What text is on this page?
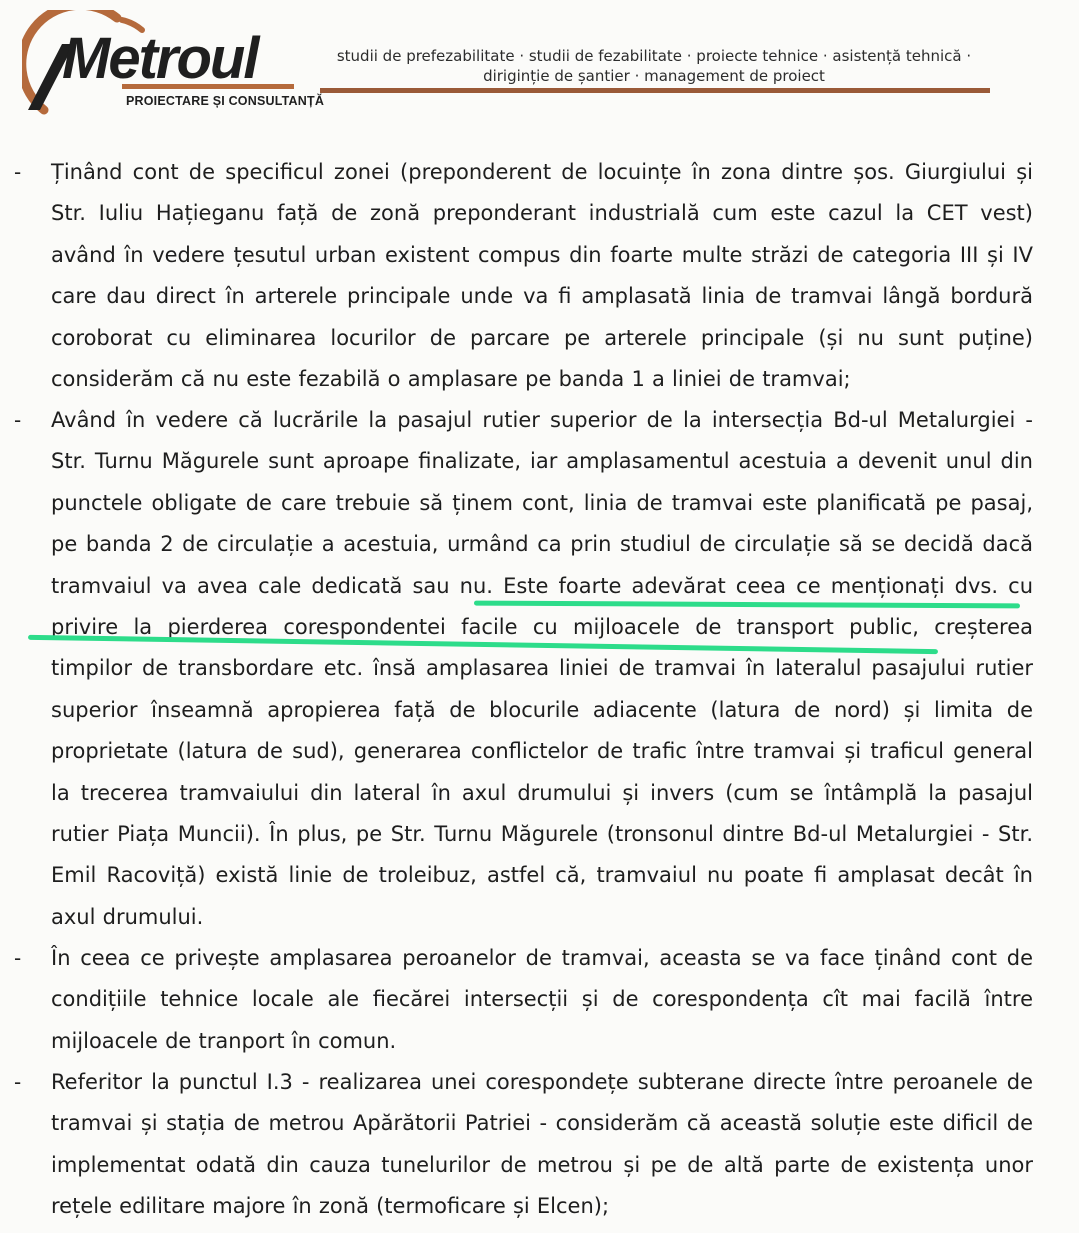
Metroul
PROIECTARE ȘI CONSULTANȚĂ
studii de prefezabilitate · studii de fezabilitate · proiecte tehnice · asistență tehnică ·
diriginție de șantier · management de proiect
- Ținând cont de specificul zonei (preponderent de locuințe în zona dintre șos. Giurgiului și Str. Iuliu Hațieganu față de zonă preponderant industrială cum este cazul la CET vest) având în vedere țesutul urban existent compus din foarte multe străzi de categoria III și IV care dau direct în arterele principale unde va fi amplasată linia de tramvai lângă bordură coroborat cu eliminarea locurilor de parcare pe arterele principale (și nu sunt puține) considerăm că nu este fezabilă o amplasare pe banda 1 a liniei de tramvai;
- Având în vedere că lucrările la pasajul rutier superior de la intersecția Bd-ul Metalurgiei - Str. Turnu Măgurele sunt aproape finalizate, iar amplasamentul acestuia a devenit unul din punctele obligate de care trebuie să ținem cont, linia de tramvai este planificată pe pasaj, pe banda 2 de circulație a acestuia, urmând ca prin studiul de circulație să se decidă dacă tramvaiul va avea cale dedicată sau nu. Este foarte adevărat ceea ce menționați dvs. cu privire la pierderea corespondentei facile cu mijloacele de transport public, creșterea timpilor de transbordare etc. însă amplasarea liniei de tramvai în lateralul pasajului rutier superior înseamnă apropierea față de blocurile adiacente (latura de nord) și limita de proprietate (latura de sud), generarea conflictelor de trafic între tramvai și traficul general la trecerea tramvaiului din lateral în axul drumului și invers (cum se întâmplă la pasajul rutier Piața Muncii). În plus, pe Str. Turnu Măgurele (tronsonul dintre Bd-ul Metalurgiei - Str. Emil Racoviță) există linie de troleibuz, astfel că, tramvaiul nu poate fi amplasat decât în axul drumului.
- În ceea ce privește amplasarea peroanelor de tramvai, aceasta se va face ținând cont de condițiile tehnice locale ale fiecărei intersecții și de corespondența cît mai facilă între mijloacele de tranport în comun.
- Referitor la punctul I.3 - realizarea unei corespondețe subterane directe între peroanele de tramvai și stația de metrou Apărătorii Patriei - considerăm că această soluție este dificil de implementat odată din cauza tunelurilor de metrou și pe de altă parte de existența unor rețele edilitare majore în zonă (termoficare și Elcen);
